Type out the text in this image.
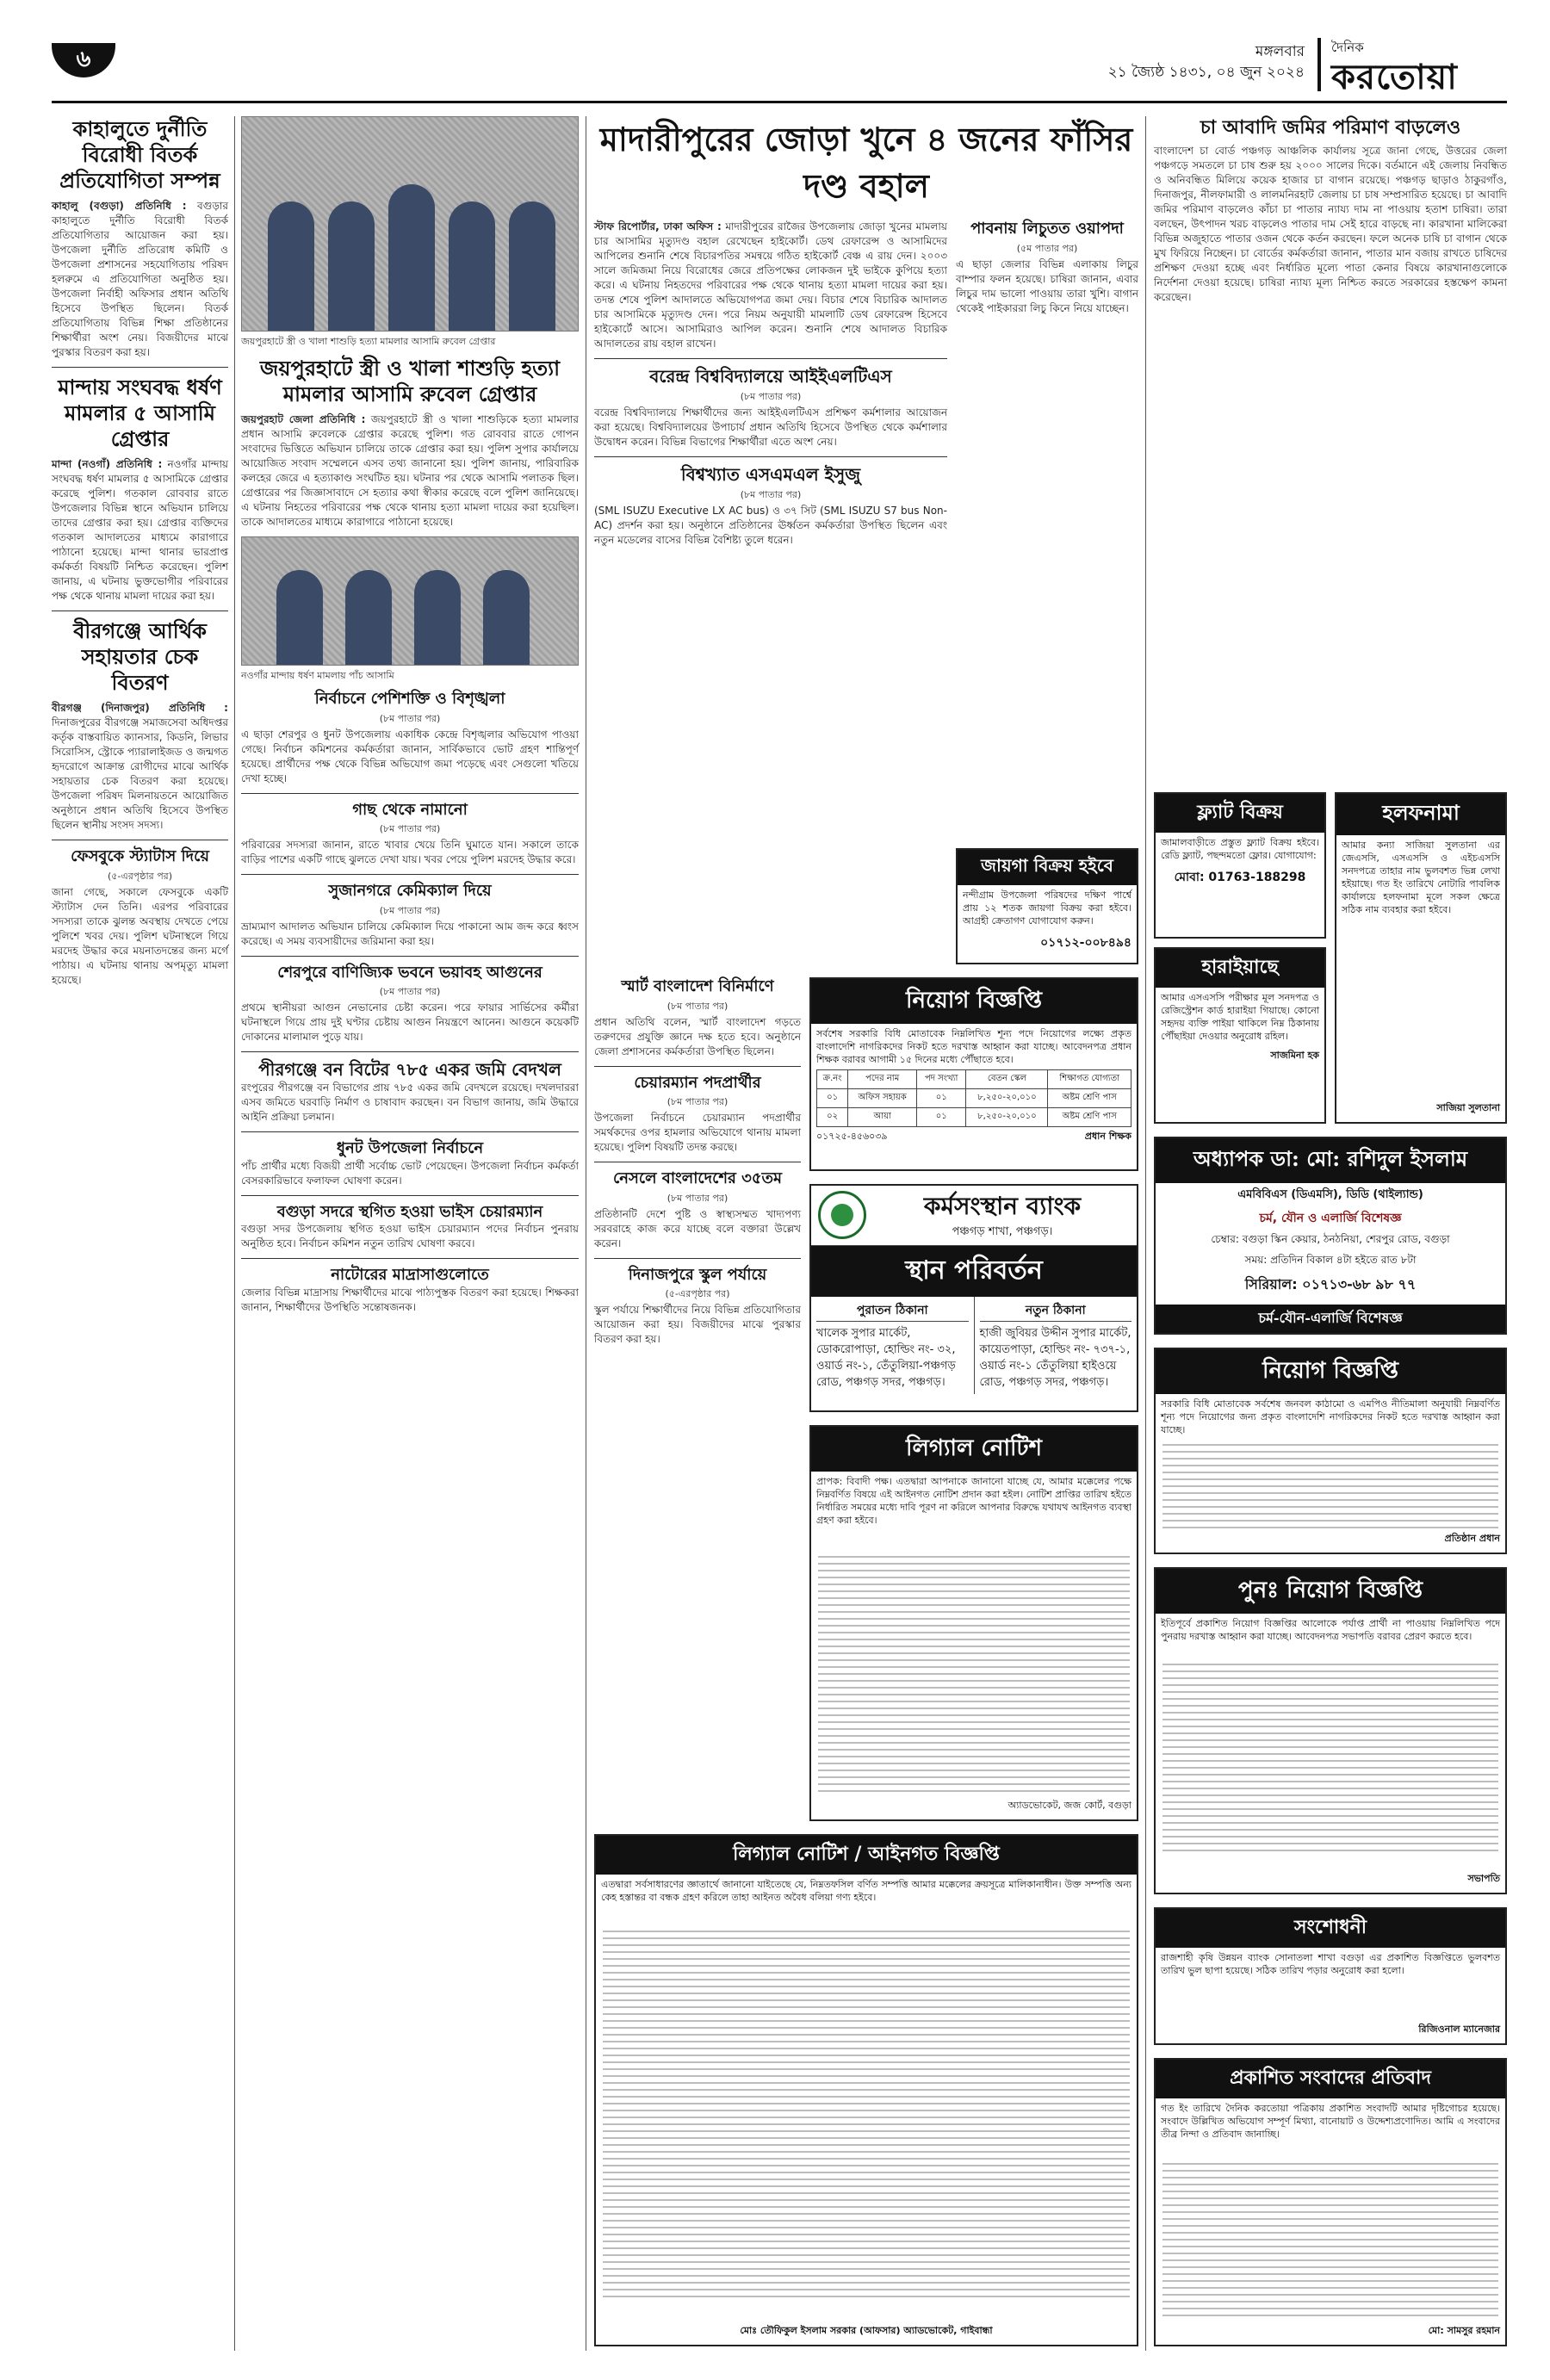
৬	মঙ্গলবার
২১ জ্যৈষ্ঠ ১৪৩১, ০৪ জুন ২০২৪
দৈনিক
করতোয়া
কাহালুতে দুর্নীতি বিরোধী বিতর্ক প্রতিযোগিতা সম্পন্ন
কাহালু (বগুড়া) প্রতিনিধি : বগুড়ার কাহালুতে দুর্নীতি বিরোধী বিতর্ক প্রতিযোগিতার আয়োজন করা হয়। উপজেলা দুর্নীতি প্রতিরোধ কমিটি ও উপজেলা প্রশাসনের সহযোগিতায় পরিষদ হলরুমে এ প্রতিযোগিতা অনুষ্ঠিত হয়। উপজেলা নির্বাহী অফিসার প্রধান অতিথি হিসেবে উপস্থিত ছিলেন। বিতর্ক প্রতিযোগিতায় বিভিন্ন শিক্ষা প্রতিষ্ঠানের শিক্ষার্থীরা অংশ নেয়। বিজয়ীদের মাঝে পুরস্কার বিতরণ করা হয়।
মান্দায় সংঘবদ্ধ ধর্ষণ মামলার ৫ আসামি গ্রেপ্তার
মান্দা (নওগাঁ) প্রতিনিধি : নওগাঁর মান্দায় সংঘবদ্ধ ধর্ষণ মামলার ৫ আসামিকে গ্রেপ্তার করেছে পুলিশ। গতকাল রোববার রাতে উপজেলার বিভিন্ন স্থানে অভিযান চালিয়ে তাদের গ্রেপ্তার করা হয়। গ্রেপ্তার ব্যক্তিদের গতকাল আদালতের মাধ্যমে কারাগারে পাঠানো হয়েছে। মান্দা থানার ভারপ্রাপ্ত কর্মকর্তা বিষয়টি নিশ্চিত করেছেন। পুলিশ জানায়, এ ঘটনায় ভুক্তভোগীর পরিবারের পক্ষ থেকে থানায় মামলা দায়ের করা হয়।
বীরগঞ্জে আর্থিক সহায়তার চেক বিতরণ
বীরগঞ্জ (দিনাজপুর) প্রতিনিধি : দিনাজপুরের বীরগঞ্জে সমাজসেবা অধিদপ্তর কর্তৃক বাস্তবায়িত ক্যানসার, কিডনি, লিভার সিরোসিস, স্ট্রোকে প্যারালাইজড ও জন্মগত হৃদরোগে আক্রান্ত রোগীদের মাঝে আর্থিক সহায়তার চেক বিতরণ করা হয়েছে। উপজেলা পরিষদ মিলনায়তনে আয়োজিত অনুষ্ঠানে প্রধান অতিথি হিসেবে উপস্থিত ছিলেন স্থানীয় সংসদ সদস্য।
ফেসবুকে স্ট্যাটাস দিয়ে
(৫-এরপৃষ্ঠার পর)
জানা গেছে, সকালে ফেসবুকে একটি স্ট্যাটাস দেন তিনি। এরপর পরিবারের সদস্যরা তাকে ঝুলন্ত অবস্থায় দেখতে পেয়ে পুলিশে খবর দেয়। পুলিশ ঘটনাস্থলে গিয়ে মরদেহ উদ্ধার করে ময়নাতদন্তের জন্য মর্গে পাঠায়। এ ঘটনায় থানায় অপমৃত্যু মামলা হয়েছে।
জয়পুরহাটে স্ত্রী ও খালা শাশুড়ি হত্যা মামলার আসামি রুবেল গ্রেপ্তার
জয়পুরহাটে স্ত্রী ও খালা শাশুড়ি হত্যা মামলার আসামি রুবেল গ্রেপ্তার
জয়পুরহাট জেলা প্রতিনিধি : জয়পুরহাটে স্ত্রী ও খালা শাশুড়িকে হত্যা মামলার প্রধান আসামি রুবেলকে গ্রেপ্তার করেছে পুলিশ। গত রোববার রাতে গোপন সংবাদের ভিত্তিতে অভিযান চালিয়ে তাকে গ্রেপ্তার করা হয়। পুলিশ সুপার কার্যালয়ে আয়োজিত সংবাদ সম্মেলনে এসব তথ্য জানানো হয়। পুলিশ জানায়, পারিবারিক কলহের জেরে এ হত্যাকাণ্ড সংঘটিত হয়। ঘটনার পর থেকে আসামি পলাতক ছিল। গ্রেপ্তারের পর জিজ্ঞাসাবাদে সে হত্যার কথা স্বীকার করেছে বলে পুলিশ জানিয়েছে। এ ঘটনায় নিহতের পরিবারের পক্ষ থেকে থানায় হত্যা মামলা দায়ের করা হয়েছিল। তাকে আদালতের মাধ্যমে কারাগারে পাঠানো হয়েছে।
নওগাঁর মান্দায় ধর্ষণ মামলায় পাঁচ আসামি
নির্বাচনে পেশিশক্তি ও বিশৃঙ্খলা
(৮ম পাতার পর)
এ ছাড়া শেরপুর ও ধুনট উপজেলায় একাধিক কেন্দ্রে বিশৃঙ্খলার অভিযোগ পাওয়া গেছে। নির্বাচন কমিশনের কর্মকর্তারা জানান, সার্বিকভাবে ভোট গ্রহণ শান্তিপূর্ণ হয়েছে। প্রার্থীদের পক্ষ থেকে বিভিন্ন অভিযোগ জমা পড়েছে এবং সেগুলো খতিয়ে দেখা হচ্ছে।
গাছ থেকে নামানো
(৮ম পাতার পর)
পরিবারের সদস্যরা জানান, রাতে খাবার খেয়ে তিনি ঘুমাতে যান। সকালে তাকে বাড়ির পাশের একটি গাছে ঝুলতে দেখা যায়। খবর পেয়ে পুলিশ মরদেহ উদ্ধার করে।
সুজানগরে কেমিক্যাল দিয়ে
(৮ম পাতার পর)
ভ্রাম্যমাণ আদালত অভিযান চালিয়ে কেমিক্যাল দিয়ে পাকানো আম জব্দ করে ধ্বংস করেছে। এ সময় ব্যবসায়ীদের জরিমানা করা হয়।
শেরপুরে বাণিজ্যিক ভবনে ভয়াবহ আগুনের
(৮ম পাতার পর)
প্রথমে স্থানীয়রা আগুন নেভানোর চেষ্টা করেন। পরে ফায়ার সার্ভিসের কর্মীরা ঘটনাস্থলে গিয়ে প্রায় দুই ঘণ্টার চেষ্টায় আগুন নিয়ন্ত্রণে আনেন। আগুনে কয়েকটি দোকানের মালামাল পুড়ে যায়।
পীরগঞ্জে বন বিটের ৭৮৫ একর জমি বেদখল
রংপুরের পীরগঞ্জে বন বিভাগের প্রায় ৭৮৫ একর জমি বেদখলে রয়েছে। দখলদাররা এসব জমিতে ঘরবাড়ি নির্মাণ ও চাষাবাদ করছেন। বন বিভাগ জানায়, জমি উদ্ধারে আইনি প্রক্রিয়া চলমান।
ধুনট উপজেলা নির্বাচনে
পাঁচ প্রার্থীর মধ্যে বিজয়ী প্রার্থী সর্বোচ্চ ভোট পেয়েছেন। উপজেলা নির্বাচন কর্মকর্তা বেসরকারিভাবে ফলাফল ঘোষণা করেন।
বগুড়া সদরে স্থগিত হওয়া ভাইস চেয়ারম্যান
বগুড়া সদর উপজেলায় স্থগিত হওয়া ভাইস চেয়ারম্যান পদের নির্বাচন পুনরায় অনুষ্ঠিত হবে। নির্বাচন কমিশন নতুন তারিখ ঘোষণা করবে।
নাটোরের মাদ্রাসাগুলোতে
জেলার বিভিন্ন মাদ্রাসায় শিক্ষার্থীদের মাঝে পাঠ্যপুস্তক বিতরণ করা হয়েছে। শিক্ষকরা জানান, শিক্ষার্থীদের উপস্থিতি সন্তোষজনক।
মাদারীপুরের জোড়া খুনে ৪ জনের ফাঁসির দণ্ড বহাল
স্টাফ রিপোর্টার, ঢাকা অফিস : মাদারীপুরের রাজৈর উপজেলায় জোড়া খুনের মামলায় চার আসামির মৃত্যুদণ্ড বহাল রেখেছেন হাইকোর্ট। ডেথ রেফারেন্স ও আসামিদের আপিলের শুনানি শেষে বিচারপতির সমন্বয়ে গঠিত হাইকোর্ট বেঞ্চ এ রায় দেন। ২০০৩ সালে জমিজমা নিয়ে বিরোধের জেরে প্রতিপক্ষের লোকজন দুই ভাইকে কুপিয়ে হত্যা করে। এ ঘটনায় নিহতদের পরিবারের পক্ষ থেকে থানায় হত্যা মামলা দায়ের করা হয়। তদন্ত শেষে পুলিশ আদালতে অভিযোগপত্র জমা দেয়। বিচার শেষে বিচারিক আদালত চার আসামিকে মৃত্যুদণ্ড দেন। পরে নিয়ম অনুযায়ী মামলাটি ডেথ রেফারেন্স হিসেবে হাইকোর্টে আসে। আসামিরাও আপিল করেন। শুনানি শেষে আদালত বিচারিক আদালতের রায় বহাল রাখেন।
বরেন্দ্র বিশ্ববিদ্যালয়ে আইইএলটিএস
(৮ম পাতার পর)
বরেন্দ্র বিশ্ববিদ্যালয়ে শিক্ষার্থীদের জন্য আইইএলটিএস প্রশিক্ষণ কর্মশালার আয়োজন করা হয়েছে। বিশ্ববিদ্যালয়ের উপাচার্য প্রধান অতিথি হিসেবে উপস্থিত থেকে কর্মশালার উদ্বোধন করেন। বিভিন্ন বিভাগের শিক্ষার্থীরা এতে অংশ নেয়।
বিশ্বখ্যাত এসএমএল ইসুজু
(৮ম পাতার পর)
(SML ISUZU Executive LX AC bus) ও ৩৭ সিট (SML ISUZU S7 bus Non-AC) প্রদর্শন করা হয়। অনুষ্ঠানে প্রতিষ্ঠানের ঊর্ধ্বতন কর্মকর্তারা উপস্থিত ছিলেন এবং নতুন মডেলের বাসের বিভিন্ন বৈশিষ্ট্য তুলে ধরেন।
পাবনায় লিচুতত ওয়াপদা
(৫ম পাতার পর)
এ ছাড়া জেলার বিভিন্ন এলাকায় লিচুর বাম্পার ফলন হয়েছে। চাষিরা জানান, এবার লিচুর দাম ভালো পাওয়ায় তারা খুশি। বাগান থেকেই পাইকাররা লিচু কিনে নিয়ে যাচ্ছেন।
জায়গা বিক্রয় হইবে
নন্দীগ্রাম উপজেলা পরিষদের দক্ষিণ পার্শ্বে প্রায় ১২ শতক জায়গা বিক্রয় করা হইবে। আগ্রহী ক্রেতাগণ যোগাযোগ করুন।
০১৭১২-০০৮৪৯৪
স্মার্ট বাংলাদেশ বিনির্মাণে
(৮ম পাতার পর)
প্রধান অতিথি বলেন, স্মার্ট বাংলাদেশ গড়তে তরুণদের প্রযুক্তি জ্ঞানে দক্ষ হতে হবে। অনুষ্ঠানে জেলা প্রশাসনের কর্মকর্তারা উপস্থিত ছিলেন।
চেয়ারম্যান পদপ্রার্থীর
(৮ম পাতার পর)
উপজেলা নির্বাচনে চেয়ারম্যান পদপ্রার্থীর সমর্থকদের ওপর হামলার অভিযোগে থানায় মামলা হয়েছে। পুলিশ বিষয়টি তদন্ত করছে।
নেসলে বাংলাদেশের ৩৫তম
(৮ম পাতার পর)
প্রতিষ্ঠানটি দেশে পুষ্টি ও স্বাস্থ্যসম্মত খাদ্যপণ্য সরবরাহে কাজ করে যাচ্ছে বলে বক্তারা উল্লেখ করেন।
দিনাজপুরে স্কুল পর্যায়ে
(৫-এরপৃষ্ঠার পর)
স্কুল পর্যায়ে শিক্ষার্থীদের নিয়ে বিভিন্ন প্রতিযোগিতার আয়োজন করা হয়। বিজয়ীদের মাঝে পুরস্কার বিতরণ করা হয়।
নিয়োগ বিজ্ঞপ্তি
সর্বশেষ সরকারি বিধি মোতাবেক নিম্নলিখিত শূন্য পদে নিয়োগের লক্ষ্যে প্রকৃত বাংলাদেশি নাগরিকদের নিকট হতে দরখাস্ত আহ্বান করা যাচ্ছে। আবেদনপত্র প্রধান শিক্ষক বরাবর আগামী ১৫ দিনের মধ্যে পৌঁছাতে হবে।
ক্র.নং	পদের নাম	পদ সংখ্যা	বেতন স্কেল	শিক্ষাগত যোগ্যতা
০১	অফিস সহায়ক	০১	৮,২৫০-২০,০১০	অষ্টম শ্রেণি পাস
০২	আয়া	০১	৮,২৫০-২০,০১০	অষ্টম শ্রেণি পাস
০১৭২৫-৪৫৬০৩৯	প্রধান শিক্ষক
কর্মসংস্থান ব্যাংক
পঞ্চগড় শাখা, পঞ্চগড়।
স্থান পরিবর্তন
পুরাতন ঠিকানা
খালেক সুপার মার্কেট, ডোকরোপাড়া, হোল্ডিং নং- ৩২, ওয়ার্ড নং-১, তেঁতুলিয়া-পঞ্চগড় রোড, পঞ্চগড় সদর, পঞ্চগড়।
নতুন ঠিকানা
হাজী জুবিয়র উদ্দীন সুপার মার্কেট, কায়েতপাড়া, হোল্ডিং নং- ৭৩৭-১, ওয়ার্ড নং-১ তেঁতুলিয়া হাইওয়ে রোড, পঞ্চগড় সদর, পঞ্চগড়।
লিগ্যাল নোটিশ
প্রাপক: বিবাদী পক্ষ। এতদ্বারা আপনাকে জানানো যাচ্ছে যে, আমার মক্কেলের পক্ষে নিম্নবর্ণিত বিষয়ে এই আইনগত নোটিশ প্রদান করা হইল। নোটিশ প্রাপ্তির তারিখ হইতে নির্ধারিত সময়ের মধ্যে দাবি পূরণ না করিলে আপনার বিরুদ্ধে যথাযথ আইনগত ব্যবস্থা গ্রহণ করা হইবে।
অ্যাডভোকেট, জজ কোর্ট, বগুড়া
লিগ্যাল নোটিশ / আইনগত বিজ্ঞপ্তি
এতদ্বারা সর্বসাধারণের জ্ঞাতার্থে জানানো যাইতেছে যে, নিম্নতফসিল বর্ণিত সম্পত্তি আমার মক্কেলের ক্রয়সূত্রে মালিকানাধীন। উক্ত সম্পত্তি অন্য কেহ হস্তান্তর বা বন্ধক গ্রহণ করিলে তাহা আইনত অবৈধ বলিয়া গণ্য হইবে।
মোঃ তৌফিকুল ইসলাম সরকার (আফসার) অ্যাডভোকেট, গাইবান্ধা
চা আবাদি জমির পরিমাণ বাড়লেও
বাংলাদেশ চা বোর্ড পঞ্চগড় আঞ্চলিক কার্যালয় সূত্রে জানা গেছে, উত্তরের জেলা পঞ্চগড়ে সমতলে চা চাষ শুরু হয় ২০০০ সালের দিকে। বর্তমানে এই জেলায় নিবন্ধিত ও অনিবন্ধিত মিলিয়ে কয়েক হাজার চা বাগান রয়েছে। পঞ্চগড় ছাড়াও ঠাকুরগাঁও, দিনাজপুর, নীলফামারী ও লালমনিরহাট জেলায় চা চাষ সম্প্রসারিত হয়েছে। চা আবাদি জমির পরিমাণ বাড়লেও কাঁচা চা পাতার ন্যায্য দাম না পাওয়ায় হতাশ চাষিরা। তারা বলছেন, উৎপাদন খরচ বাড়লেও পাতার দাম সেই হারে বাড়ছে না। কারখানা মালিকেরা বিভিন্ন অজুহাতে পাতার ওজন থেকে কর্তন করছেন। ফলে অনেক চাষি চা বাগান থেকে মুখ ফিরিয়ে নিচ্ছেন। চা বোর্ডের কর্মকর্তারা জানান, পাতার মান বজায় রাখতে চাষিদের প্রশিক্ষণ দেওয়া হচ্ছে এবং নির্ধারিত মূল্যে পাতা কেনার বিষয়ে কারখানাগুলোকে নির্দেশনা দেওয়া হয়েছে। চাষিরা ন্যায্য মূল্য নিশ্চিত করতে সরকারের হস্তক্ষেপ কামনা করেছেন।
ফ্ল্যাট বিক্রয়
জামালবাড়ীতে প্রস্তুত ফ্ল্যাট বিক্রয় হইবে। রেডি ফ্ল্যাট, পছন্দমতো ফ্লোর। যোগাযোগ:
মোবা: 01763-188298
হারাইয়াছে
আমার এসএসসি পরীক্ষার মূল সনদপত্র ও রেজিস্ট্রেশন কার্ড হারাইয়া গিয়াছে। কোনো সহৃদয় ব্যক্তি পাইয়া থাকিলে নিম্ন ঠিকানায় পৌঁছাইয়া দেওয়ার অনুরোধ রহিল।
সাজমিনা হক
হলফনামা
আমার কন্যা সাজিয়া সুলতানা এর জেএসসি, এসএসসি ও এইচএসসি সনদপত্রে তাহার নাম ভুলবশত ভিন্ন লেখা হইয়াছে। গত ইং তারিখে নোটারি পাবলিক কার্যালয়ে হলফনামা মূলে সকল ক্ষেত্রে সঠিক নাম ব্যবহার করা হইবে।
সাজিয়া সুলতানা
অধ্যাপক ডা: মো: রশিদুল ইসলাম
এমবিবিএস (ডিএমসি), ডিডি (থাইল্যান্ড)
চর্ম, যৌন ও এলার্জি বিশেষজ্ঞ
চেম্বার: বগুড়া স্কিন কেয়ার, ঠনঠনিয়া, শেরপুর রোড, বগুড়া
সময়: প্রতিদিন বিকাল ৪টা হইতে রাত ৮টা
সিরিয়াল: ০১৭১৩-৬৮ ৯৮ ৭৭
চর্ম-যৌন-এলার্জি বিশেষজ্ঞ
নিয়োগ বিজ্ঞপ্তি
সরকারি বিধি মোতাবেক সর্বশেষ জনবল কাঠামো ও এমপিও নীতিমালা অনুযায়ী নিম্নবর্ণিত শূন্য পদে নিয়োগের জন্য প্রকৃত বাংলাদেশি নাগরিকদের নিকট হতে দরখাস্ত আহ্বান করা যাচ্ছে।
প্রতিষ্ঠান প্রধান
পুনঃ নিয়োগ বিজ্ঞপ্তি
ইতিপূর্বে প্রকাশিত নিয়োগ বিজ্ঞপ্তির আলোকে পর্যাপ্ত প্রার্থী না পাওয়ায় নিম্নলিখিত পদে পুনরায় দরখাস্ত আহ্বান করা যাচ্ছে। আবেদনপত্র সভাপতি বরাবর প্রেরণ করতে হবে।
সভাপতি
সংশোধনী
রাজশাহী কৃষি উন্নয়ন ব্যাংক সোনাতলা শাখা বগুড়া এর প্রকাশিত বিজ্ঞপ্তিতে ভুলবশত তারিখ ভুল ছাপা হয়েছে। সঠিক তারিখ পড়ার অনুরোধ করা হলো।
রিজিওনাল ম্যানেজার
প্রকাশিত সংবাদের প্রতিবাদ
গত ইং তারিখে দৈনিক করতোয়া পত্রিকায় প্রকাশিত সংবাদটি আমার দৃষ্টিগোচর হয়েছে। সংবাদে উল্লিখিত অভিযোগ সম্পূর্ণ মিথ্যা, বানোয়াট ও উদ্দেশ্যপ্রণোদিত। আমি এ সংবাদের তীব্র নিন্দা ও প্রতিবাদ জানাচ্ছি।
মো: সামসুর রহমান
